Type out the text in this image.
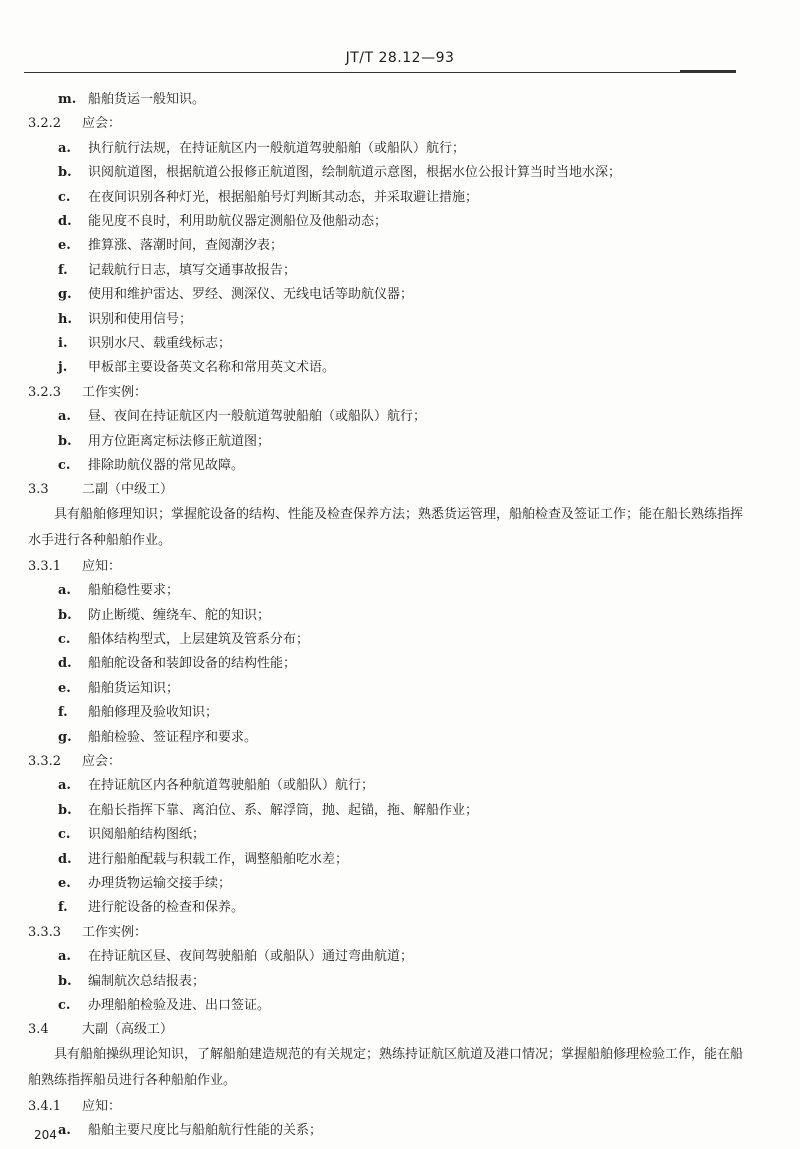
JT/T 28.12—93
m. 船舶货运一般知识。
3.2.2 应会：
a. 执行航行法规，在持证航区内一般航道驾驶船舶（或船队）航行；
b. 识阅航道图，根据航道公报修正航道图，绘制航道示意图，根据水位公报计算当时当地水深；
c. 在夜间识别各种灯光，根据船舶号灯判断其动态，并采取避让措施；
d. 能见度不良时，利用助航仪器定测船位及他船动态；
e. 推算涨、落潮时间，查阅潮汐表；
f. 记载航行日志，填写交通事故报告；
g. 使用和维护雷达、罗经、测深仪、无线电话等助航仪器；
h. 识别和使用信号；
i. 识别水尺、载重线标志；
j. 甲板部主要设备英文名称和常用英文术语。
3.2.3 工作实例：
a. 昼、夜间在持证航区内一般航道驾驶船舶（或船队）航行；
b. 用方位距离定标法修正航道图；
c. 排除助航仪器的常见故障。
3.3	二副（中级工）
具有船舶修理知识；掌握舵设备的结构、性能及检查保养方法；熟悉货运管理，船舶检查及签证工作；能在船长熟练指挥水手进行各种船舶作业。
3.3.1 应知：
a. 船舶稳性要求；
b. 防止断缆、缠绕车、舵的知识；
c. 船体结构型式，上层建筑及管系分布；
d. 船舶舵设备和装卸设备的结构性能；
e. 船舶货运知识；
f. 船舶修理及验收知识；
g. 船舶检验、签证程序和要求。
3.3.2 应会：
a. 在持证航区内各种航道驾驶船舶（或船队）航行；
b. 在船长指挥下靠、离泊位、系、解浮筒，抛、起锚，拖、解船作业；
c. 识阅船舶结构图纸；
d. 进行船舶配载与积载工作，调整船舶吃水差；
e. 办理货物运输交接手续；
f. 进行舵设备的检查和保养。
3.3.3 工作实例：
a. 在持证航区昼、夜间驾驶船舶（或船队）通过弯曲航道；
b. 编制航次总结报表；
c. 办理船舶检验及进、出口签证。
3.4	大副（高级工）
具有船舶操纵理论知识，了解船舶建造规范的有关规定；熟练持证航区航道及港口情况；掌握船舶修理检验工作，能在船舶熟练指挥船员进行各种船舶作业。
3.4.1 应知：
a. 船舶主要尺度比与船舶航行性能的关系；
204
